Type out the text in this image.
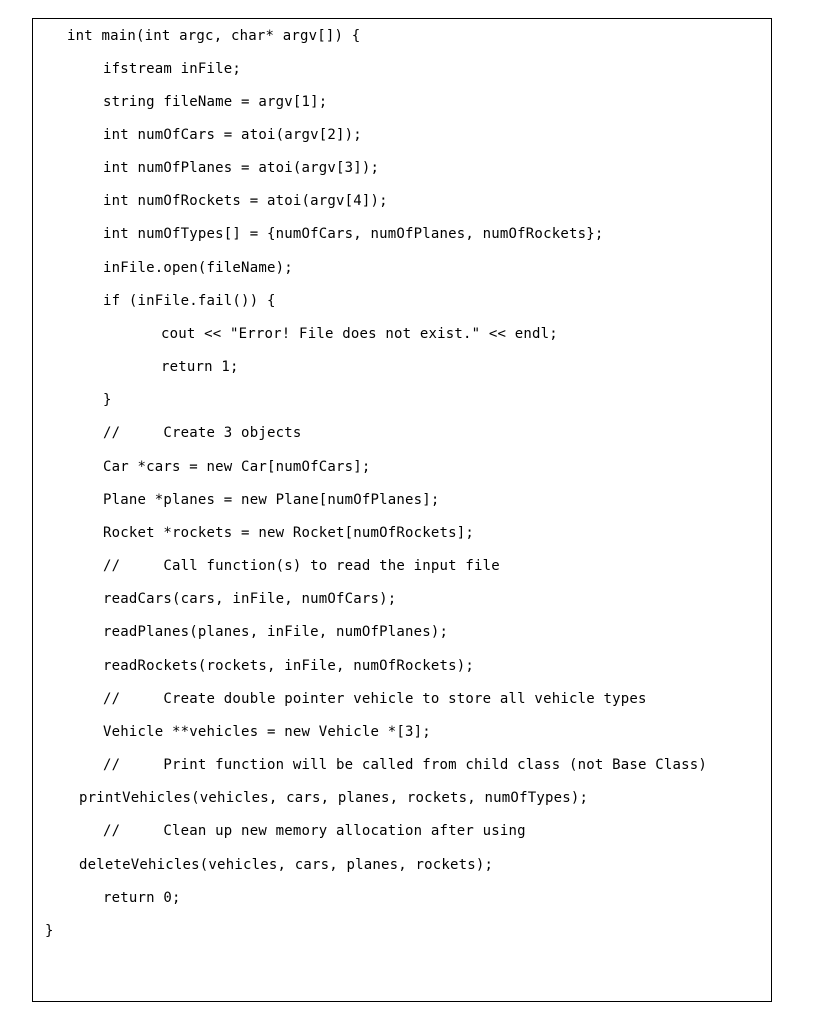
int main(int argc, char* argv[]) {
ifstream inFile;
string fileName = argv[1];
int numOfCars = atoi(argv[2]);
int numOfPlanes = atoi(argv[3]);
int numOfRockets = atoi(argv[4]);
int numOfTypes[] = {numOfCars, numOfPlanes, numOfRockets};
inFile.open(fileName);
if (inFile.fail()) {
cout << "Error! File does not exist." << endl;
return 1;
}
//     Create 3 objects
Car *cars = new Car[numOfCars];
Plane *planes = new Plane[numOfPlanes];
Rocket *rockets = new Rocket[numOfRockets];
//     Call function(s) to read the input file
readCars(cars, inFile, numOfCars);
readPlanes(planes, inFile, numOfPlanes);
readRockets(rockets, inFile, numOfRockets);
//     Create double pointer vehicle to store all vehicle types
Vehicle **vehicles = new Vehicle *[3];
//     Print function will be called from child class (not Base Class)
printVehicles(vehicles, cars, planes, rockets, numOfTypes);
//     Clean up new memory allocation after using
deleteVehicles(vehicles, cars, planes, rockets);
return 0;
}
